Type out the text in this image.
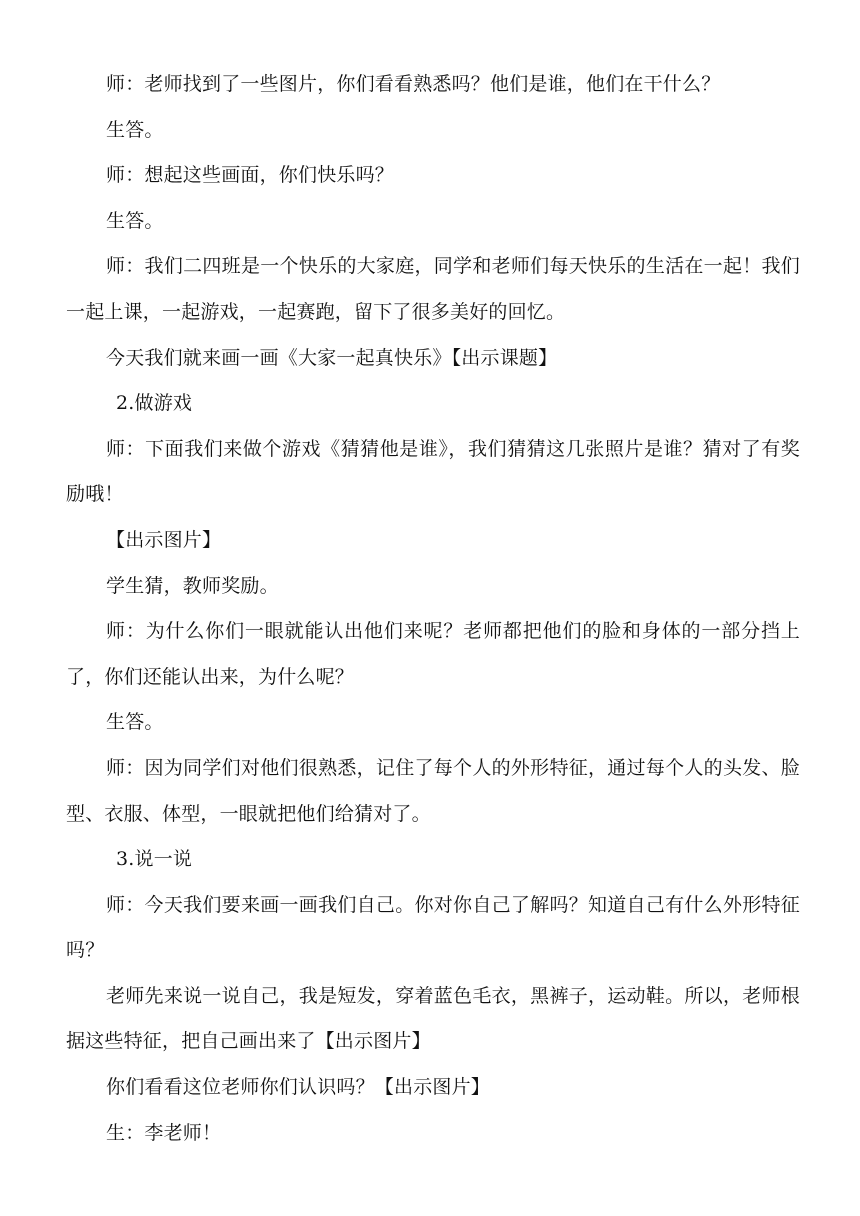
师：老师找到了一些图片，你们看看熟悉吗？他们是谁，他们在干什么？

生答。

师：想起这些画面，你们快乐吗？

生答。

师：我们二四班是一个快乐的大家庭，同学和老师们每天快乐的生活在一起！我们一起上课，一起游戏，一起赛跑，留下了很多美好的回忆。

今天我们就来画一画《大家一起真快乐》【出示课题】

2.做游戏

师：下面我们来做个游戏《猜猜他是谁》，我们猜猜这几张照片是谁？猜对了有奖励哦！

【出示图片】

学生猜，教师奖励。

师：为什么你们一眼就能认出他们来呢？老师都把他们的脸和身体的一部分挡上了，你们还能认出来，为什么呢？

生答。

师：因为同学们对他们很熟悉，记住了每个人的外形特征，通过每个人的头发、脸型、衣服、体型，一眼就把他们给猜对了。

3.说一说

师：今天我们要来画一画我们自己。你对你自己了解吗？知道自己有什么外形特征吗？

老师先来说一说自己，我是短发，穿着蓝色毛衣，黑裤子，运动鞋。所以，老师根据这些特征，把自己画出来了【出示图片】

你们看看这位老师你们认识吗？【出示图片】

生：李老师！
